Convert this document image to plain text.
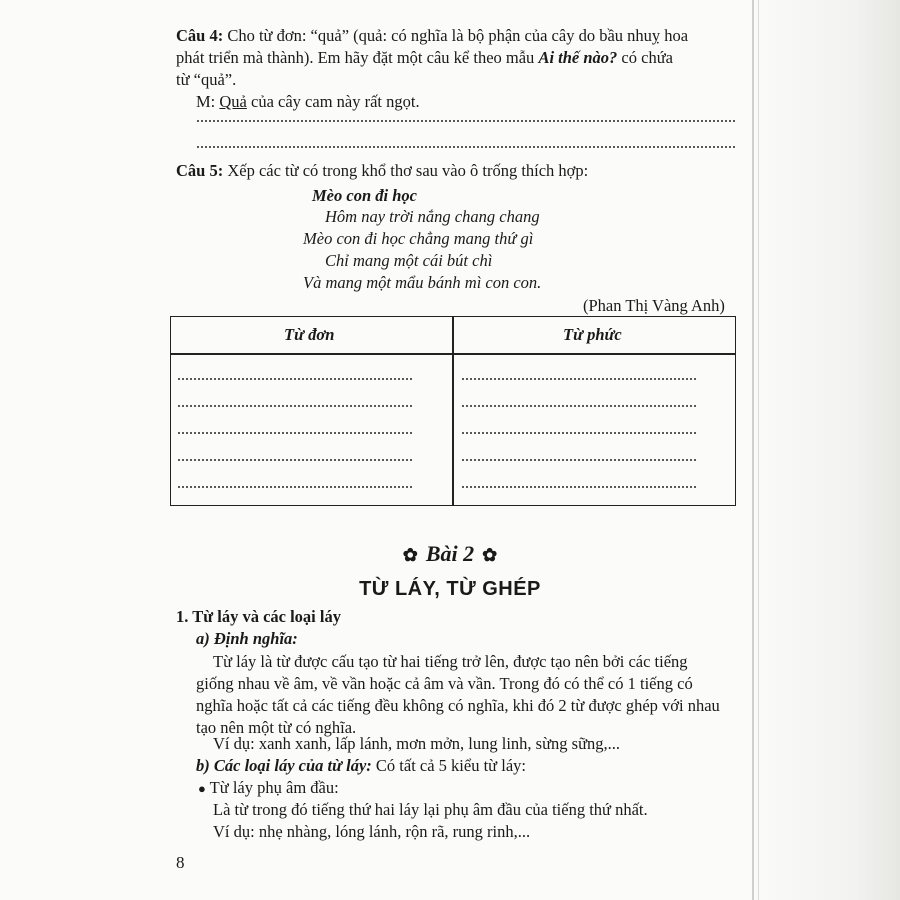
Câu 4: Cho từ đơn: “quả” (quả: có nghĩa là bộ phận của cây do bầu nhuỵ hoa
phát triển mà thành). Em hãy đặt một câu kể theo mẫu Ai thế nào? có chứa
từ “quả”.
M: Quả của cây cam này rất ngọt.
Câu 5: Xếp các từ có trong khổ thơ sau vào ô trống thích hợp:
Mèo con đi học
Hôm nay trời nắng chang chang
Mèo con đi học chẳng mang thứ gì
Chỉ mang một cái bút chì
Và mang một mẩu bánh mì con con.
(Phan Thị Vàng Anh)
Từ đơn	Từ phức
✿ Bài 2 ✿
TỪ LÁY, TỪ GHÉP
1. Từ láy và các loại láy
a) Định nghĩa:
Từ láy là từ được cấu tạo từ hai tiếng trở lên, được tạo nên bởi các tiếng
giống nhau về âm, về vần hoặc cả âm và vần. Trong đó có thể có 1 tiếng có
nghĩa hoặc tất cả các tiếng đều không có nghĩa, khi đó 2 từ được ghép với nhau
tạo nên một từ có nghĩa.
Ví dụ: xanh xanh, lấp lánh, mơn mởn, lung linh, sừng sững,...
b) Các loại láy của từ láy: Có tất cả 5 kiểu từ láy:
● Từ láy phụ âm đầu:
Là từ trong đó tiếng thứ hai láy lại phụ âm đầu của tiếng thứ nhất.
Ví dụ: nhẹ nhàng, lóng lánh, rộn rã, rung rinh,...
8
